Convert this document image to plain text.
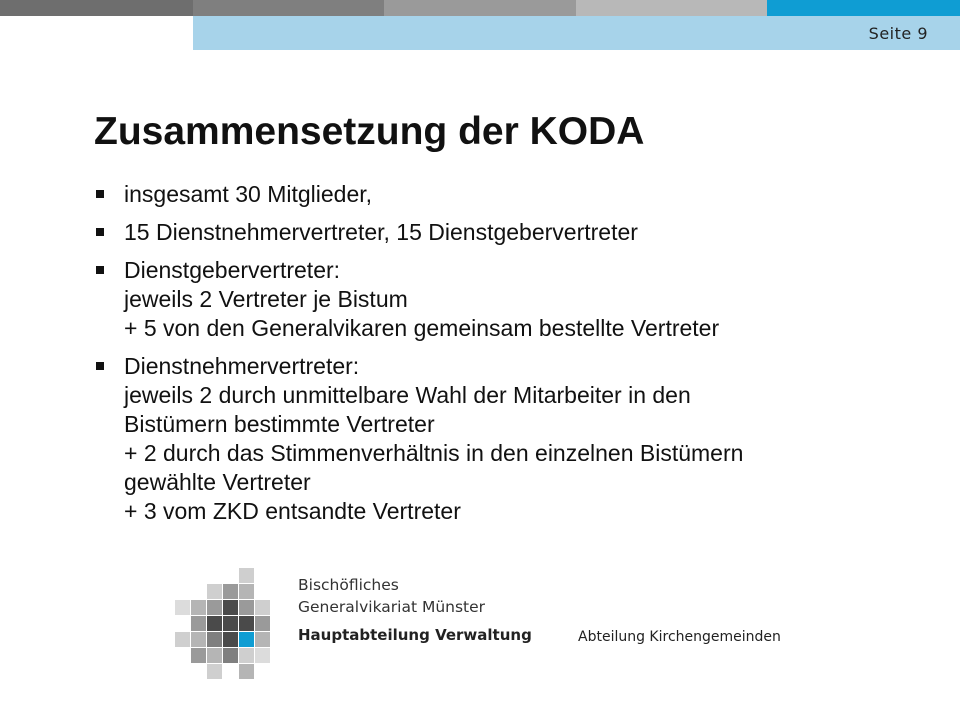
Seite 9
Zusammensetzung der KODA
insgesamt 30 Mitglieder,
15 Dienstnehmervertreter, 15 Dienstgebervertreter
Dienstgebervertreter:
jeweils 2 Vertreter je Bistum
+ 5 von den Generalvikaren gemeinsam bestellte Vertreter
Dienstnehmervertreter:
jeweils 2 durch unmittelbare Wahl der Mitarbeiter in den
Bistümern bestimmte Vertreter
+ 2 durch das Stimmenverhältnis in den einzelnen Bistümern
gewählte Vertreter
+ 3 vom ZKD entsandte Vertreter
Bischöfliches
Generalvikariat Münster
Hauptabteilung Verwaltung	Abteilung Kirchengemeinden
